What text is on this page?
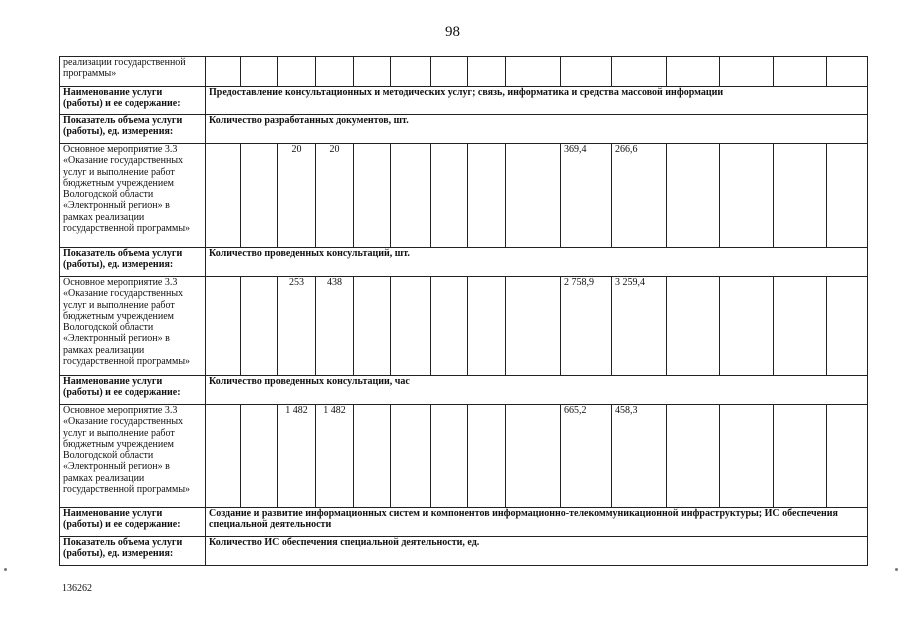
98
реализации государственной программы»															
Наименование услуги (работы) и ее содержание:	Предоставление консультационных и методических услуг; связь, информатика и средства массовой информации														
Показатель объема услуги (работы), ед. измерения:	Количество разработанных документов, шт.														
Основное мероприятие 3.3 «Оказание государственных услуг и выполнение работ бюджетным учреждением Вологодской области «Электронный регион» в рамках реализации государственной программы»			20	20						369,4	266,6				
Показатель объема услуги (работы), ед. измерения:	Количество проведенных консультаций, шт.														
Основное мероприятие 3.3 «Оказание государственных услуг и выполнение работ бюджетным учреждением Вологодской области «Электронный регион» в рамках реализации государственной программы»			253	438						2 758,9	3 259,4				
Наименование услуги (работы) и ее содержание:	Количество проведенных консультации, час														
Основное мероприятие 3.3 «Оказание государственных услуг и выполнение работ бюджетным учреждением Вологодской области «Электронный регион» в рамках реализации государственной программы»			1 482	1 482						665,2	458,3				
Наименование услуги (работы) и ее содержание:	Создание и развитие информационных систем и компонентов информационно-телекоммуникационной инфраструктуры; ИС обеспечения специальной деятельности														
Показатель объема услуги (работы), ед. измерения:	Количество ИС обеспечения специальной деятельности, ед.														
136262
